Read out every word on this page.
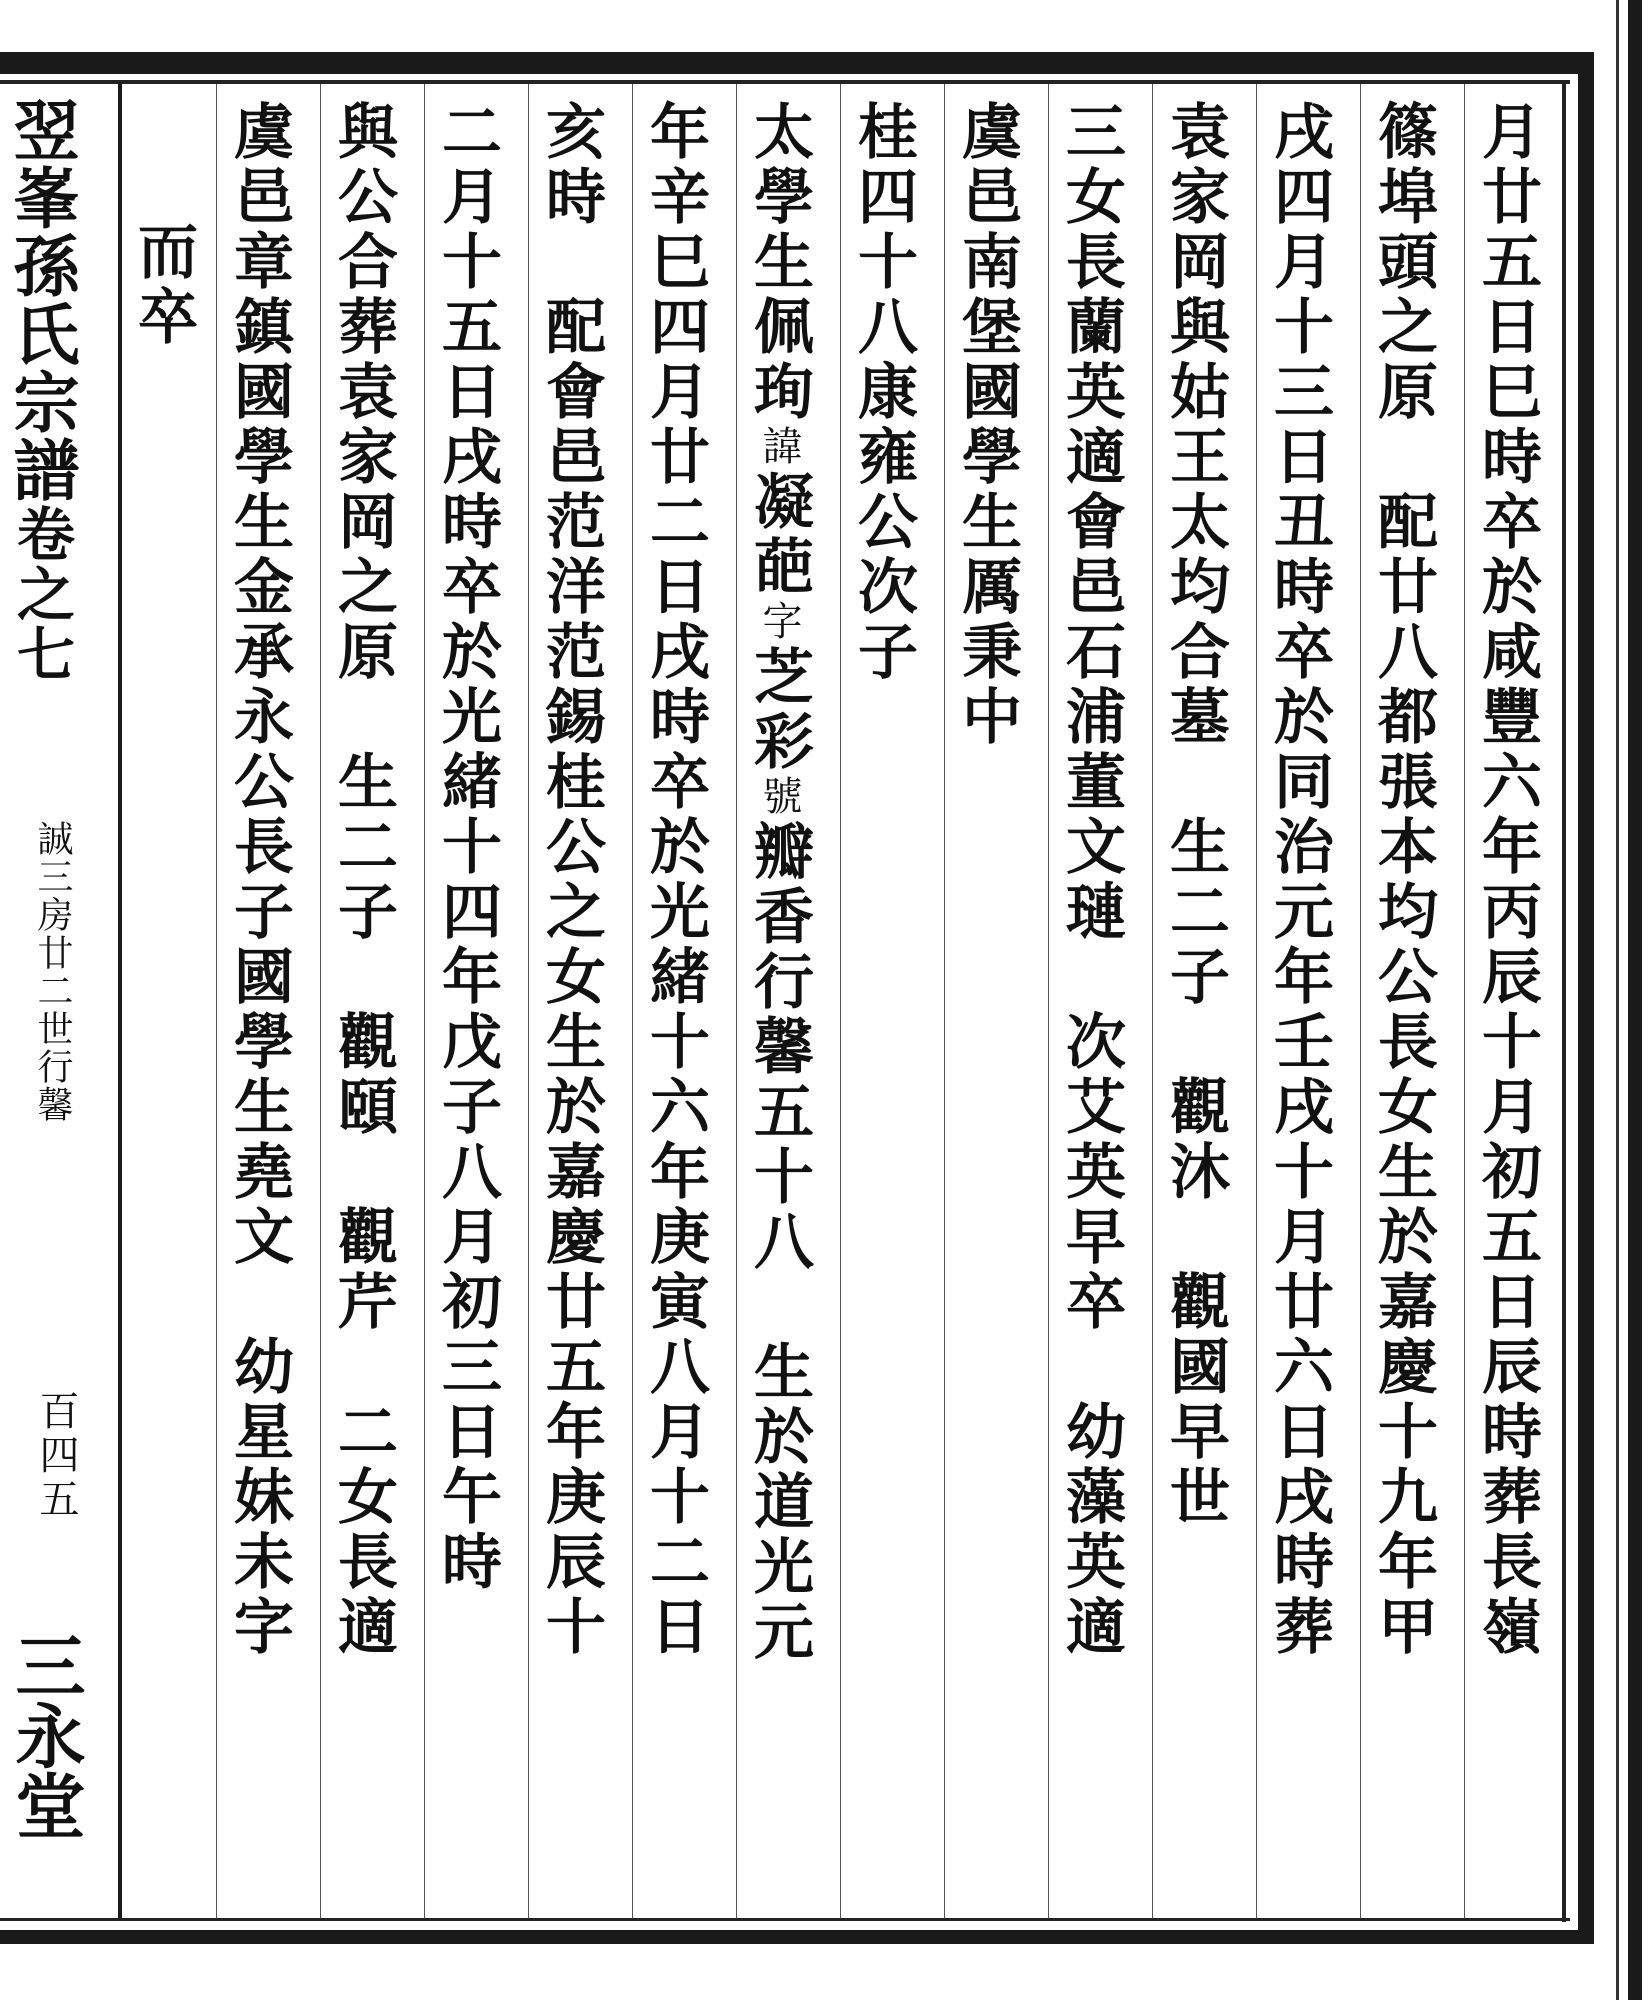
翌峯孫氏宗譜卷之七
誠三房廿二世行馨
百四五
三永堂
月廿五日巳時卒於咸豐六年丙辰十月初五日辰時葬長嶺
篠埠頭之原　配廿八都張本均公長女生於嘉慶十九年甲
戌四月十三日丑時卒於同治元年壬戌十月廿六日戌時葬
袁家岡與姑王太均合墓　生二子　觀沐　觀國早世
三女長蘭英適會邑石浦董文璉　次艾英早卒　幼藻英適
虞邑南堡國學生厲秉中
桂四十八康雍公次子
太學生佩珣諱凝葩字芝彩號瓣香行馨五十八　生於道光元
年辛巳四月廿二日戌時卒於光緒十六年庚寅八月十二日
亥時　配會邑范洋范錫桂公之女生於嘉慶廿五年庚辰十
二月十五日戌時卒於光緒十四年戊子八月初三日午時
與公合葬袁家岡之原　生二子　觀頤　觀芹　二女長適
虞邑章鎮國學生金承永公長子國學生堯文　幼星妹未字
而卒
